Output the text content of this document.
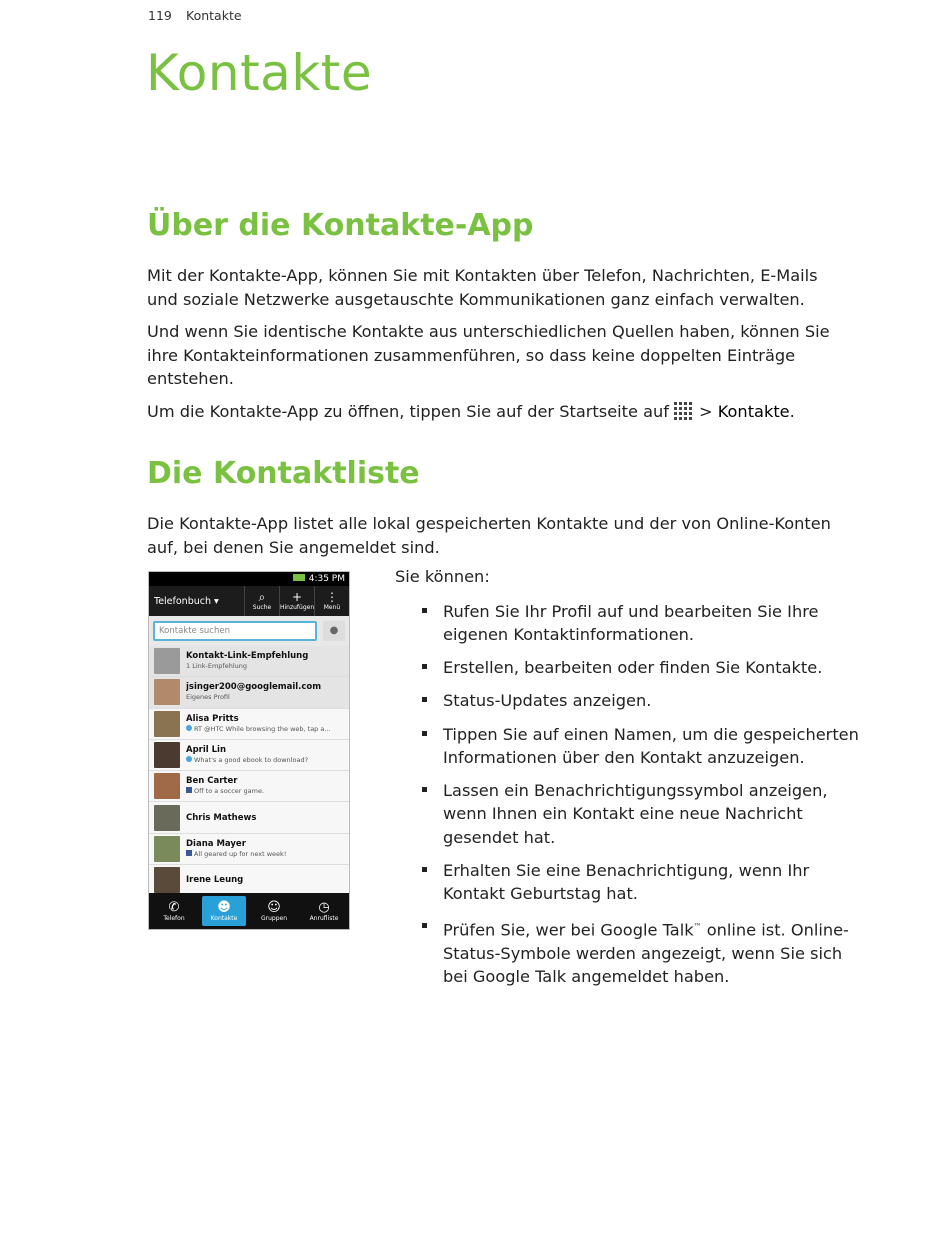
119 Kontakte
Kontakte
Über die Kontakte-App

Mit der Kontakte-App, können Sie mit Kontakten über Telefon, Nachrichten, E-Mails und soziale Netzwerke ausgetauschte Kommunikationen ganz einfach verwalten.

Und wenn Sie identische Kontakte aus unterschiedlichen Quellen haben, können Sie ihre Kontakteinformationen zusammenführen, so dass keine doppelten Einträge entstehen.

Um die Kontakte-App zu öffnen, tippen Sie auf der Startseite auf > Kontakte.

Die Kontaktliste

Die Kontakte-App listet alle lokal gespeicherten Kontakte und der von Online-Konten auf, bei denen Sie angemeldet sind.

4:35 PM
Telefonbuch ▾	⌕
Suche
+
Hinzufügen
⋮
Menü
Kontakte suchen	●
Kontakt-Link-Empfehlung
1 Link-Empfehlung
jsinger200@googlemail.com
Eigenes Profil
Alisa Pritts
RT @HTC While browsing the web, tap a...
April Lin
What's a good ebook to download?
Ben Carter
Off to a soccer game.
Chris Mathews
Diana Mayer
All geared up for next week!
Irene Leung
✆
Telefon
☻
Kontakte
☺
Gruppen
◷
Anrufliste
Sie können:
Rufen Sie Ihr Profil auf und bearbeiten Sie Ihre eigenen Kontaktinformationen.
Erstellen, bearbeiten oder finden Sie Kontakte.
Status-Updates anzeigen.
Tippen Sie auf einen Namen, um die gespeicherten Informationen über den Kontakt anzuzeigen.
Lassen ein Benachrichtigungssymbol anzeigen, wenn Ihnen ein Kontakt eine neue Nachricht gesendet hat.
Erhalten Sie eine Benachrichtigung, wenn Ihr Kontakt Geburtstag hat.
Prüfen Sie, wer bei Google Talk™ online ist. Online-Status-Symbole werden angezeigt, wenn Sie sich bei Google Talk angemeldet haben.
